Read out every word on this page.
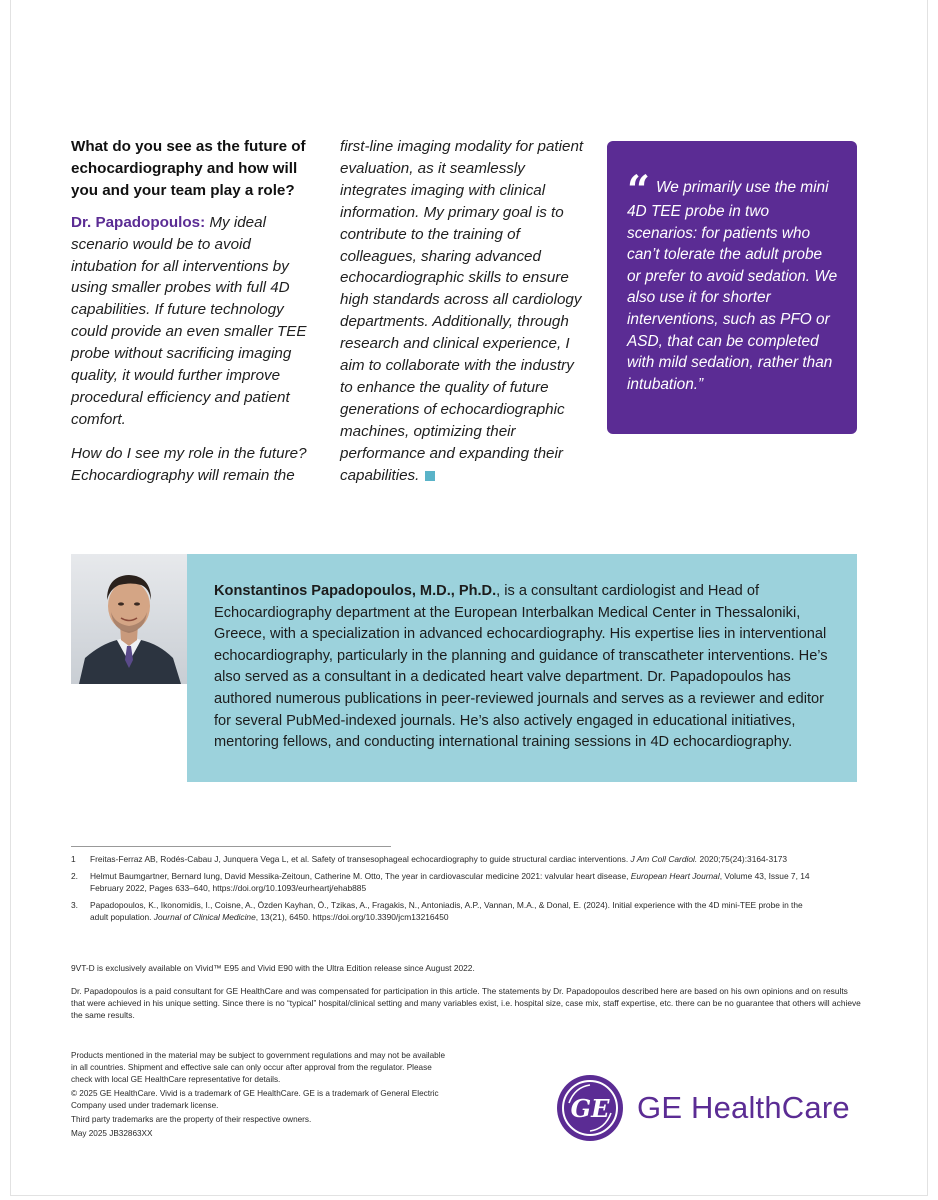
What do you see as the future of echocardiography and how will you and your team play a role?

Dr. Papadopoulos: My ideal scenario would be to avoid intubation for all interventions by using smaller probes with full 4D capabilities. If future technology could provide an even smaller TEE probe without sacrificing imaging quality, it would further improve procedural efficiency and patient comfort.

How do I see my role in the future? Echocardiography will remain the

first-line imaging modality for patient evaluation, as it seamlessly integrates imaging with clinical information. My primary goal is to contribute to the training of colleagues, sharing advanced echocardiographic skills to ensure high standards across all cardiology departments. Additionally, through research and clinical experience, I aim to collaborate with the industry to enhance the quality of future generations of echocardiographic machines, optimizing their performance and expanding their capabilities.

“ We primarily use the mini 4D TEE probe in two scenarios: for patients who can’t tolerate the adult probe or prefer to avoid sedation. We also use it for shorter interventions, such as PFO or ASD, that can be completed with mild sedation, rather than intubation.”
Konstantinos Papadopoulos, M.D., Ph.D., is a consultant cardiologist and Head of Echocardiography department at the European Interbalkan Medical Center in Thessaloniki, Greece, with a specialization in advanced echocardiography. His expertise lies in interventional echocardiography, particularly in the planning and guidance of transcatheter interventions. He’s also served as a consultant in a dedicated heart valve department. Dr. Papadopoulos has authored numerous publications in peer-reviewed journals and serves as a reviewer and editor for several PubMed-indexed journals. He’s also actively engaged in educational initiatives, mentoring fellows, and conducting international training sessions in 4D echocardiography.
1	Freitas-Ferraz AB, Rodés-Cabau J, Junquera Vega L, et al. Safety of transesophageal echocardiography to guide structural cardiac interventions. J Am Coll Cardiol. 2020;75(24):3164-3173
2.	Helmut Baumgartner, Bernard Iung, David Messika-Zeitoun, Catherine M. Otto, The year in cardiovascular medicine 2021: valvular heart disease, European Heart Journal, Volume 43, Issue 7, 14 February 2022, Pages 633–640, https://doi.org/10.1093/eurheartj/ehab885
3.	Papadopoulos, K., Ikonomidis, I., Coisne, A., Özden Kayhan, Ö., Tzikas, A., Fragakis, N., Antoniadis, A.P., Vannan, M.A., & Donal, E. (2024). Initial experience with the 4D mini-TEE probe in the adult population. Journal of Clinical Medicine, 13(21), 6450. https://doi.org/10.3390/jcm13216450
9VT-D is exclusively available on Vivid™ E95 and Vivid E90 with the Ultra Edition release since August 2022.
Dr. Papadopoulos is a paid consultant for GE HealthCare and was compensated for participation in this article. The statements by Dr. Papadopoulos described here are based on his own opinions and on results that were achieved in his unique setting. Since there is no “typical” hospital/clinical setting and many variables exist, i.e. hospital size, case mix, staff expertise, etc. there can be no guarantee that others will achieve the same results.

Products mentioned in the material may be subject to government regulations and may not be available in all countries. Shipment and effective sale can only occur after approval from the regulator. Please check with local GE HealthCare representative for details.

© 2025 GE HealthCare. Vivid is a trademark of GE HealthCare. GE is a trademark of General Electric Company used under trademark license.

Third party trademarks are the property of their respective owners.

May 2025 JB32863XX

GE GE HealthCare
